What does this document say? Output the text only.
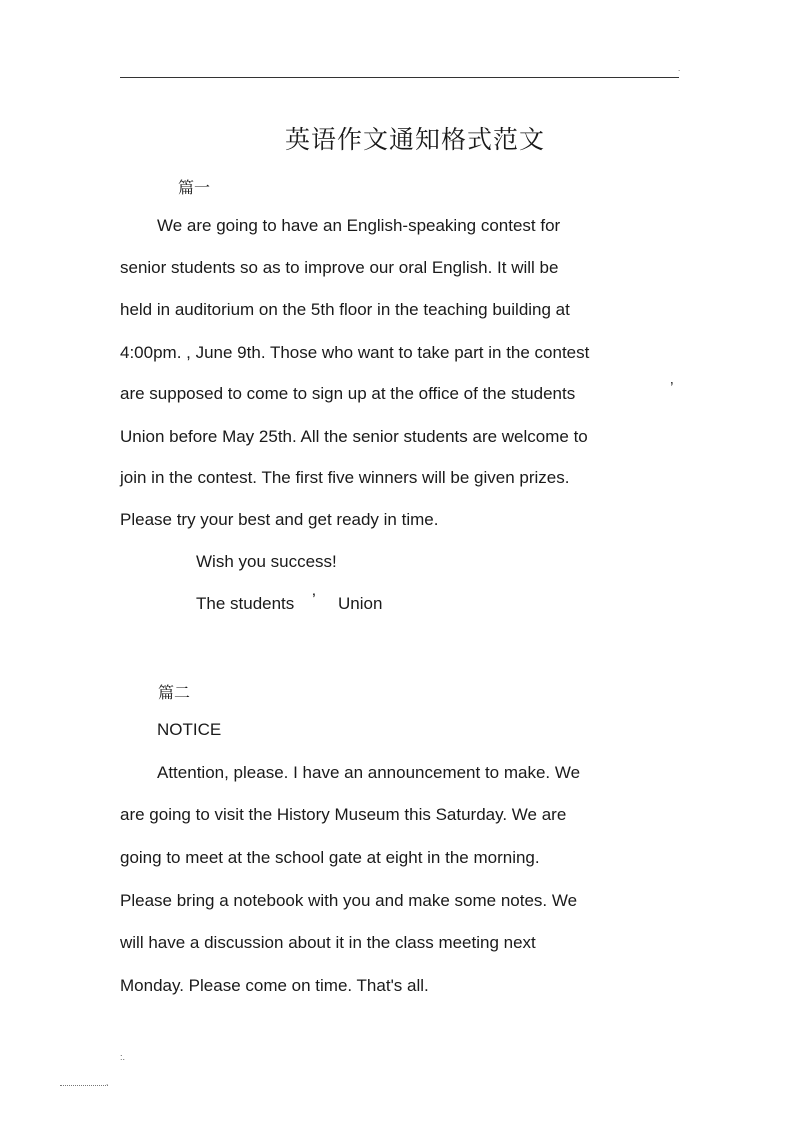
.
英语作文通知格式范文
篇一
We are going to have an English-speaking contest for
senior students so as to improve our oral English. It will be
held in auditorium on the 5th floor in the teaching building at
4:00pm. , June 9th. Those who want to take part in the contest
are supposed to come to sign up at the office of the students	’
Union before May 25th. All the senior students are welcome to
join in the contest. The first five winners will be given prizes.
Please try your best and get ready in time.
Wish you success!
The students ’ Union
篇二
NOTICE
Attention, please. I have an announcement to make. We
are going to visit the History Museum this Saturday. We are
going to meet at the school gate at eight in the morning.
Please bring a notebook with you and make some notes. We
will have a discussion about it in the class meeting next
Monday. Please come on time. That's all.
:.
.
